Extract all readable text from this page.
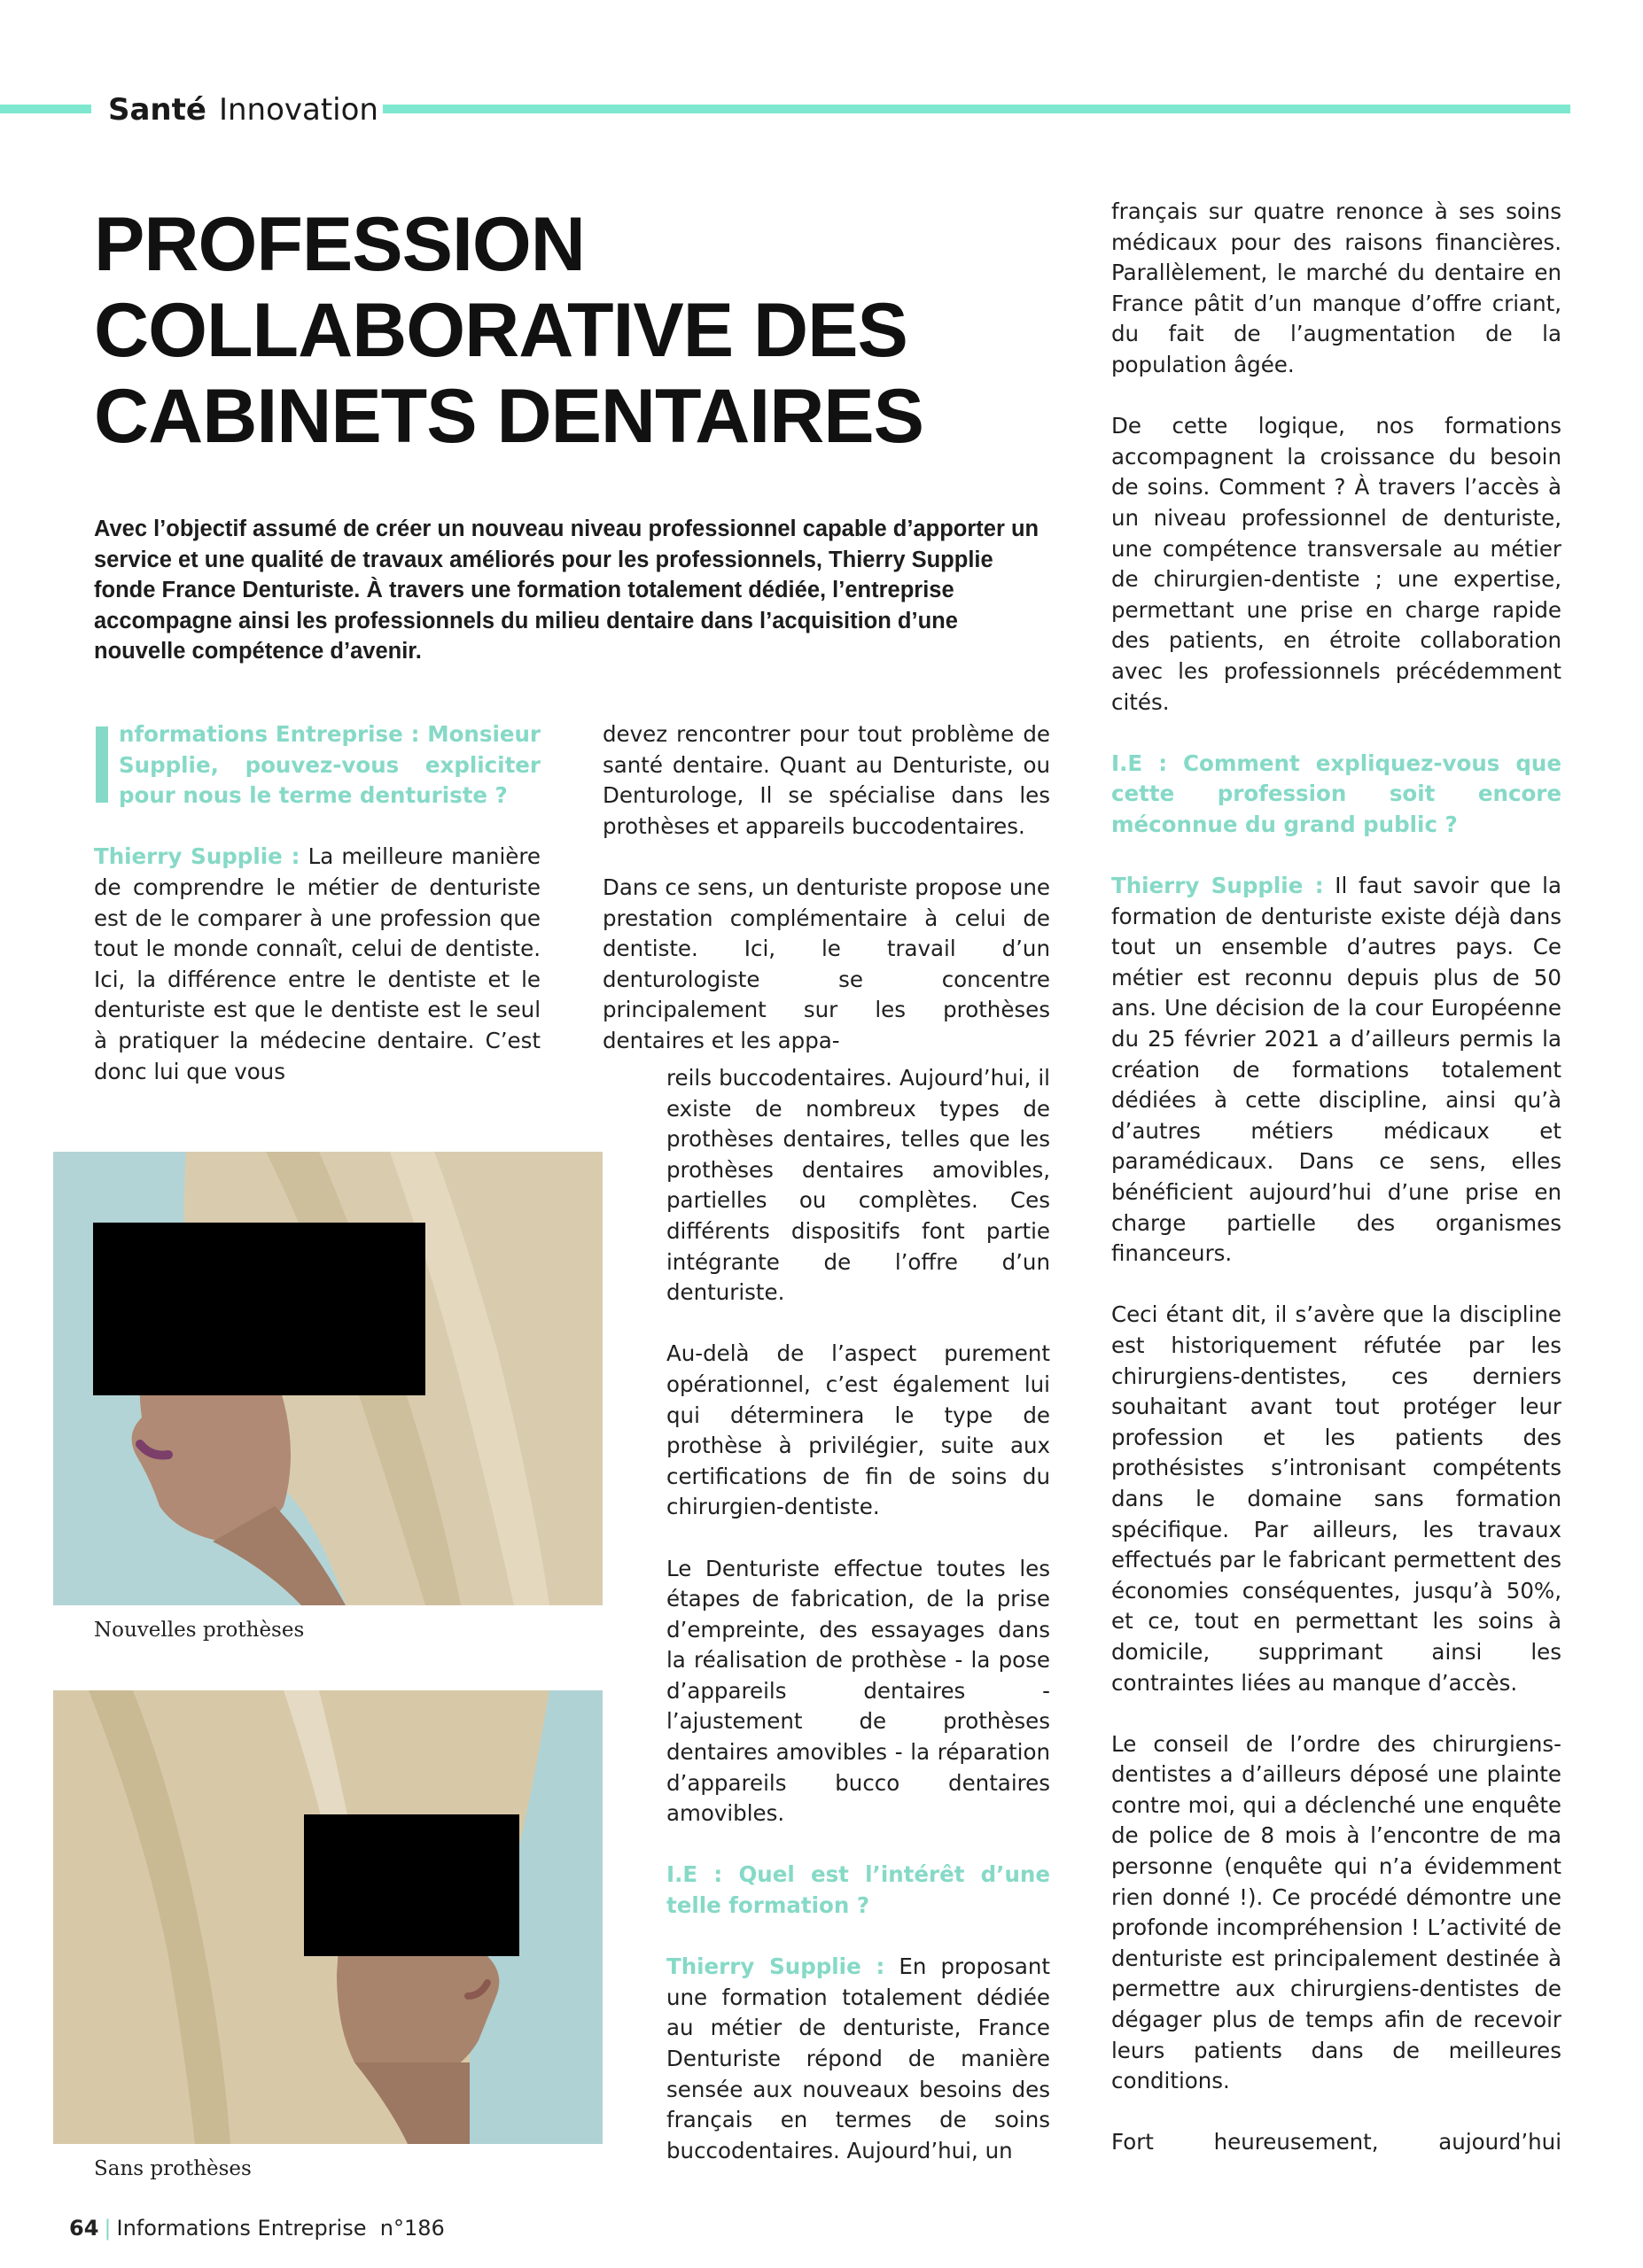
Santé Innovation
PROFESSION COLLABORATIVE DES CABINETS DENTAIRES

Avec l’objectif assumé de créer un nouveau niveau professionnel capable d’apporter un service et une qualité de travaux améliorés pour les professionnels, Thierry Supplie fonde France Denturiste. À travers une formation totalement dédiée, l’entreprise accompagne ainsi les professionnels du milieu dentaire dans l’acquisition d’une nouvelle compétence d’avenir.

nformations Entreprise : Monsieur Supplie, pouvez-vous expliciter pour nous le terme denturiste ?

Thierry Supplie : La meilleure manière de comprendre le métier de denturiste est de le comparer à une profession que tout le monde connaît, celui de dentiste. Ici, la différence entre le dentiste et le denturiste est que le dentiste est le seul à pratiquer la médecine dentaire. C’est donc lui que vous

Nouvelles prothèses
Sans prothèses

devez rencontrer pour tout problème de santé dentaire. Quant au Denturiste, ou Denturologe, Il se spécialise dans les prothèses et appareils buccodentaires.

Dans ce sens, un denturiste propose une prestation complémentaire à celui de dentiste. Ici, le travail d’un denturologiste se concentre principalement sur les prothèses dentaires et les appa-

reils buccodentaires. Aujourd’hui, il existe de nombreux types de prothèses dentaires, telles que les prothèses dentaires amovibles, partielles ou complètes. Ces différents dispositifs font partie intégrante de l’offre d’un denturiste.

Au-delà de l’aspect purement opérationnel, c’est également lui qui déterminera le type de prothèse à privilégier, suite aux certifications de fin de soins du chirurgien-dentiste.

Le Denturiste effectue toutes les étapes de fabrication, de la prise d’empreinte, des essayages dans la réalisation de prothèse - la pose d’appareils dentaires - l’ajustement de prothèses dentaires amovibles - la réparation d’appareils bucco dentaires amovibles.

I.E : Quel est l’intérêt d’une telle formation ?

Thierry Supplie : En proposant une formation totalement dédiée au métier de denturiste, France Denturiste répond de manière sensée aux nouveaux besoins des français en termes de soins buccodentaires. Aujourd’hui, un

français sur quatre renonce à ses soins médicaux pour des raisons financières. Parallèlement, le marché du dentaire en France pâtit d’un manque d’offre criant, du fait de l’augmentation de la population âgée.

De cette logique, nos formations accompagnent la croissance du besoin de soins. Comment ? À travers l’accès à un niveau professionnel de denturiste, une compétence transversale au métier de chirurgien-dentiste ; une expertise, permettant une prise en charge rapide des patients, en étroite collaboration avec les professionnels précédemment cités.

I.E : Comment expliquez-vous que cette profession soit encore méconnue du grand public ?

Thierry Supplie : Il faut savoir que la formation de denturiste existe déjà dans tout un ensemble d’autres pays. Ce métier est reconnu depuis plus de 50 ans. Une décision de la cour Européenne du 25 février 2021 a d’ailleurs permis la création de formations totalement dédiées à cette discipline, ainsi qu’à d’autres métiers médicaux et paramédicaux. Dans ce sens, elles bénéficient aujourd’hui d’une prise en charge partielle des organismes financeurs.

Ceci étant dit, il s’avère que la discipline est historiquement réfutée par les chirurgiens-dentistes, ces derniers souhaitant avant tout protéger leur profession et les patients des prothésistes s’intronisant compétents dans le domaine sans formation spécifique. Par ailleurs, les travaux effectués par le fabricant permettent des économies conséquentes, jusqu’à 50%, et ce, tout en permettant les soins à domicile, supprimant ainsi les contraintes liées au manque d’accès.

Le conseil de l’ordre des chirurgiens-dentistes a d’ailleurs déposé une plainte contre moi, qui a déclenché une enquête de police de 8 mois à l’encontre de ma personne (enquête qui n’a évidemment rien donné !). Ce procédé démontre une profonde incompréhension ! L’activité de denturiste est principalement destinée à permettre aux chirurgiens-dentistes de dégager plus de temps afin de recevoir leurs patients dans de meilleures conditions.

Fort heureusement, aujourd’hui

64 | Informations Entreprise n°186
